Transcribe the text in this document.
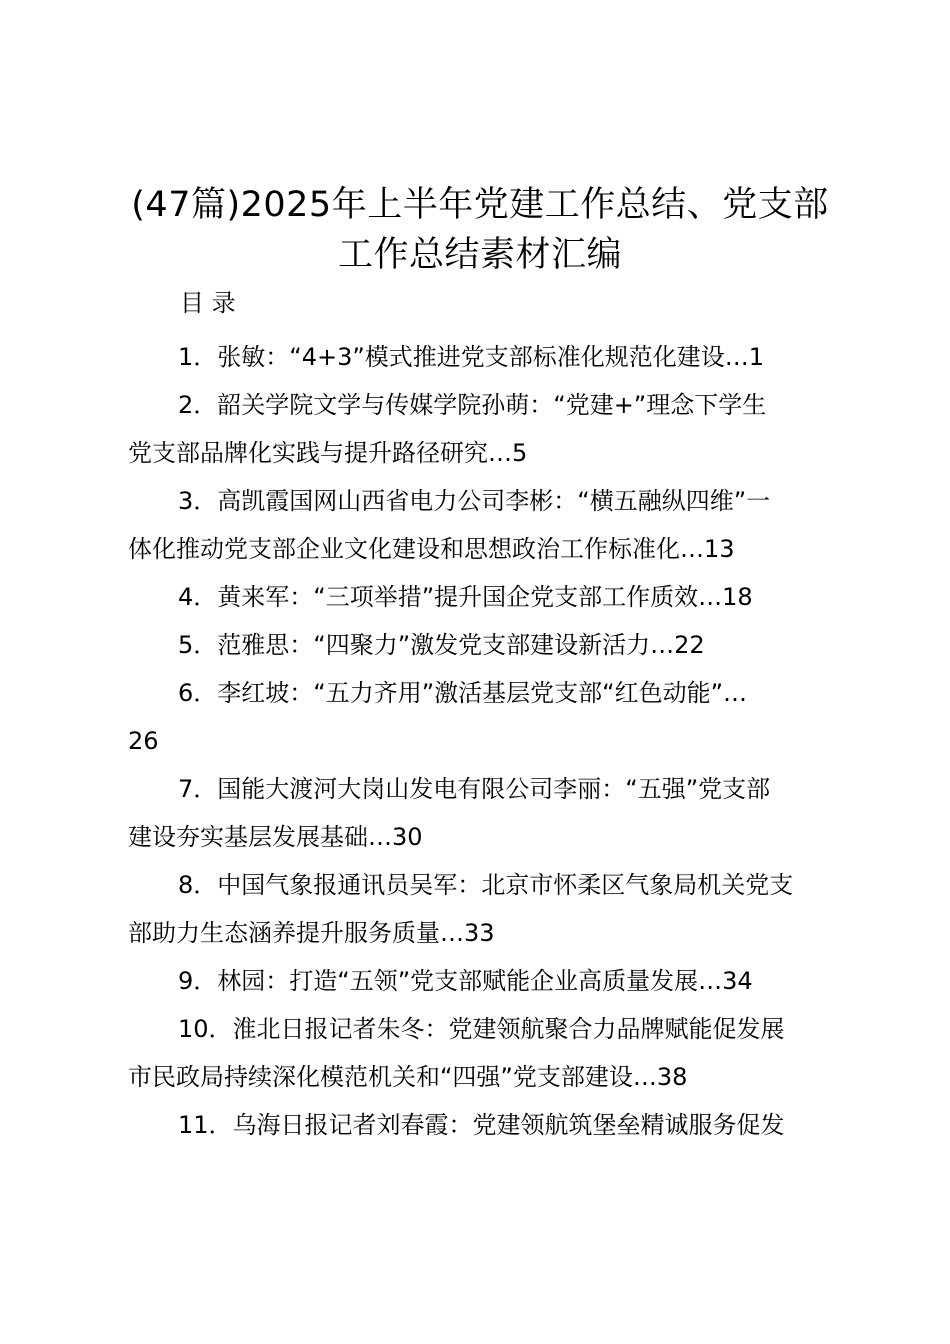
(47篇)2025年上半年党建工作总结、党支部
工作总结素材汇编
目 录
1．张敏：“4+3”模式推进党支部标准化规范化建设…1
2．韶关学院文学与传媒学院孙萌：“党建+”理念下学生
党支部品牌化实践与提升路径研究…5
3．高凯霞国网山西省电力公司李彬：“横五融纵四维”一
体化推动党支部企业文化建设和思想政治工作标准化…13
4．黄来军：“三项举措”提升国企党支部工作质效…18
5．范雅思：“四聚力”激发党支部建设新活力…22
6．李红坡：“五力齐用”激活基层党支部“红色动能”…
26
7．国能大渡河大岗山发电有限公司李丽：“五强”党支部
建设夯实基层发展基础…30
8．中国气象报通讯员吴军：北京市怀柔区气象局机关党支
部助力生态涵养提升服务质量…33
9．林园：打造“五领”党支部赋能企业高质量发展…34
10．淮北日报记者朱冬：党建领航聚合力品牌赋能促发展
市民政局持续深化模范机关和“四强”党支部建设…38
11．乌海日报记者刘春霞：党建领航筑堡垒精诚服务促发
